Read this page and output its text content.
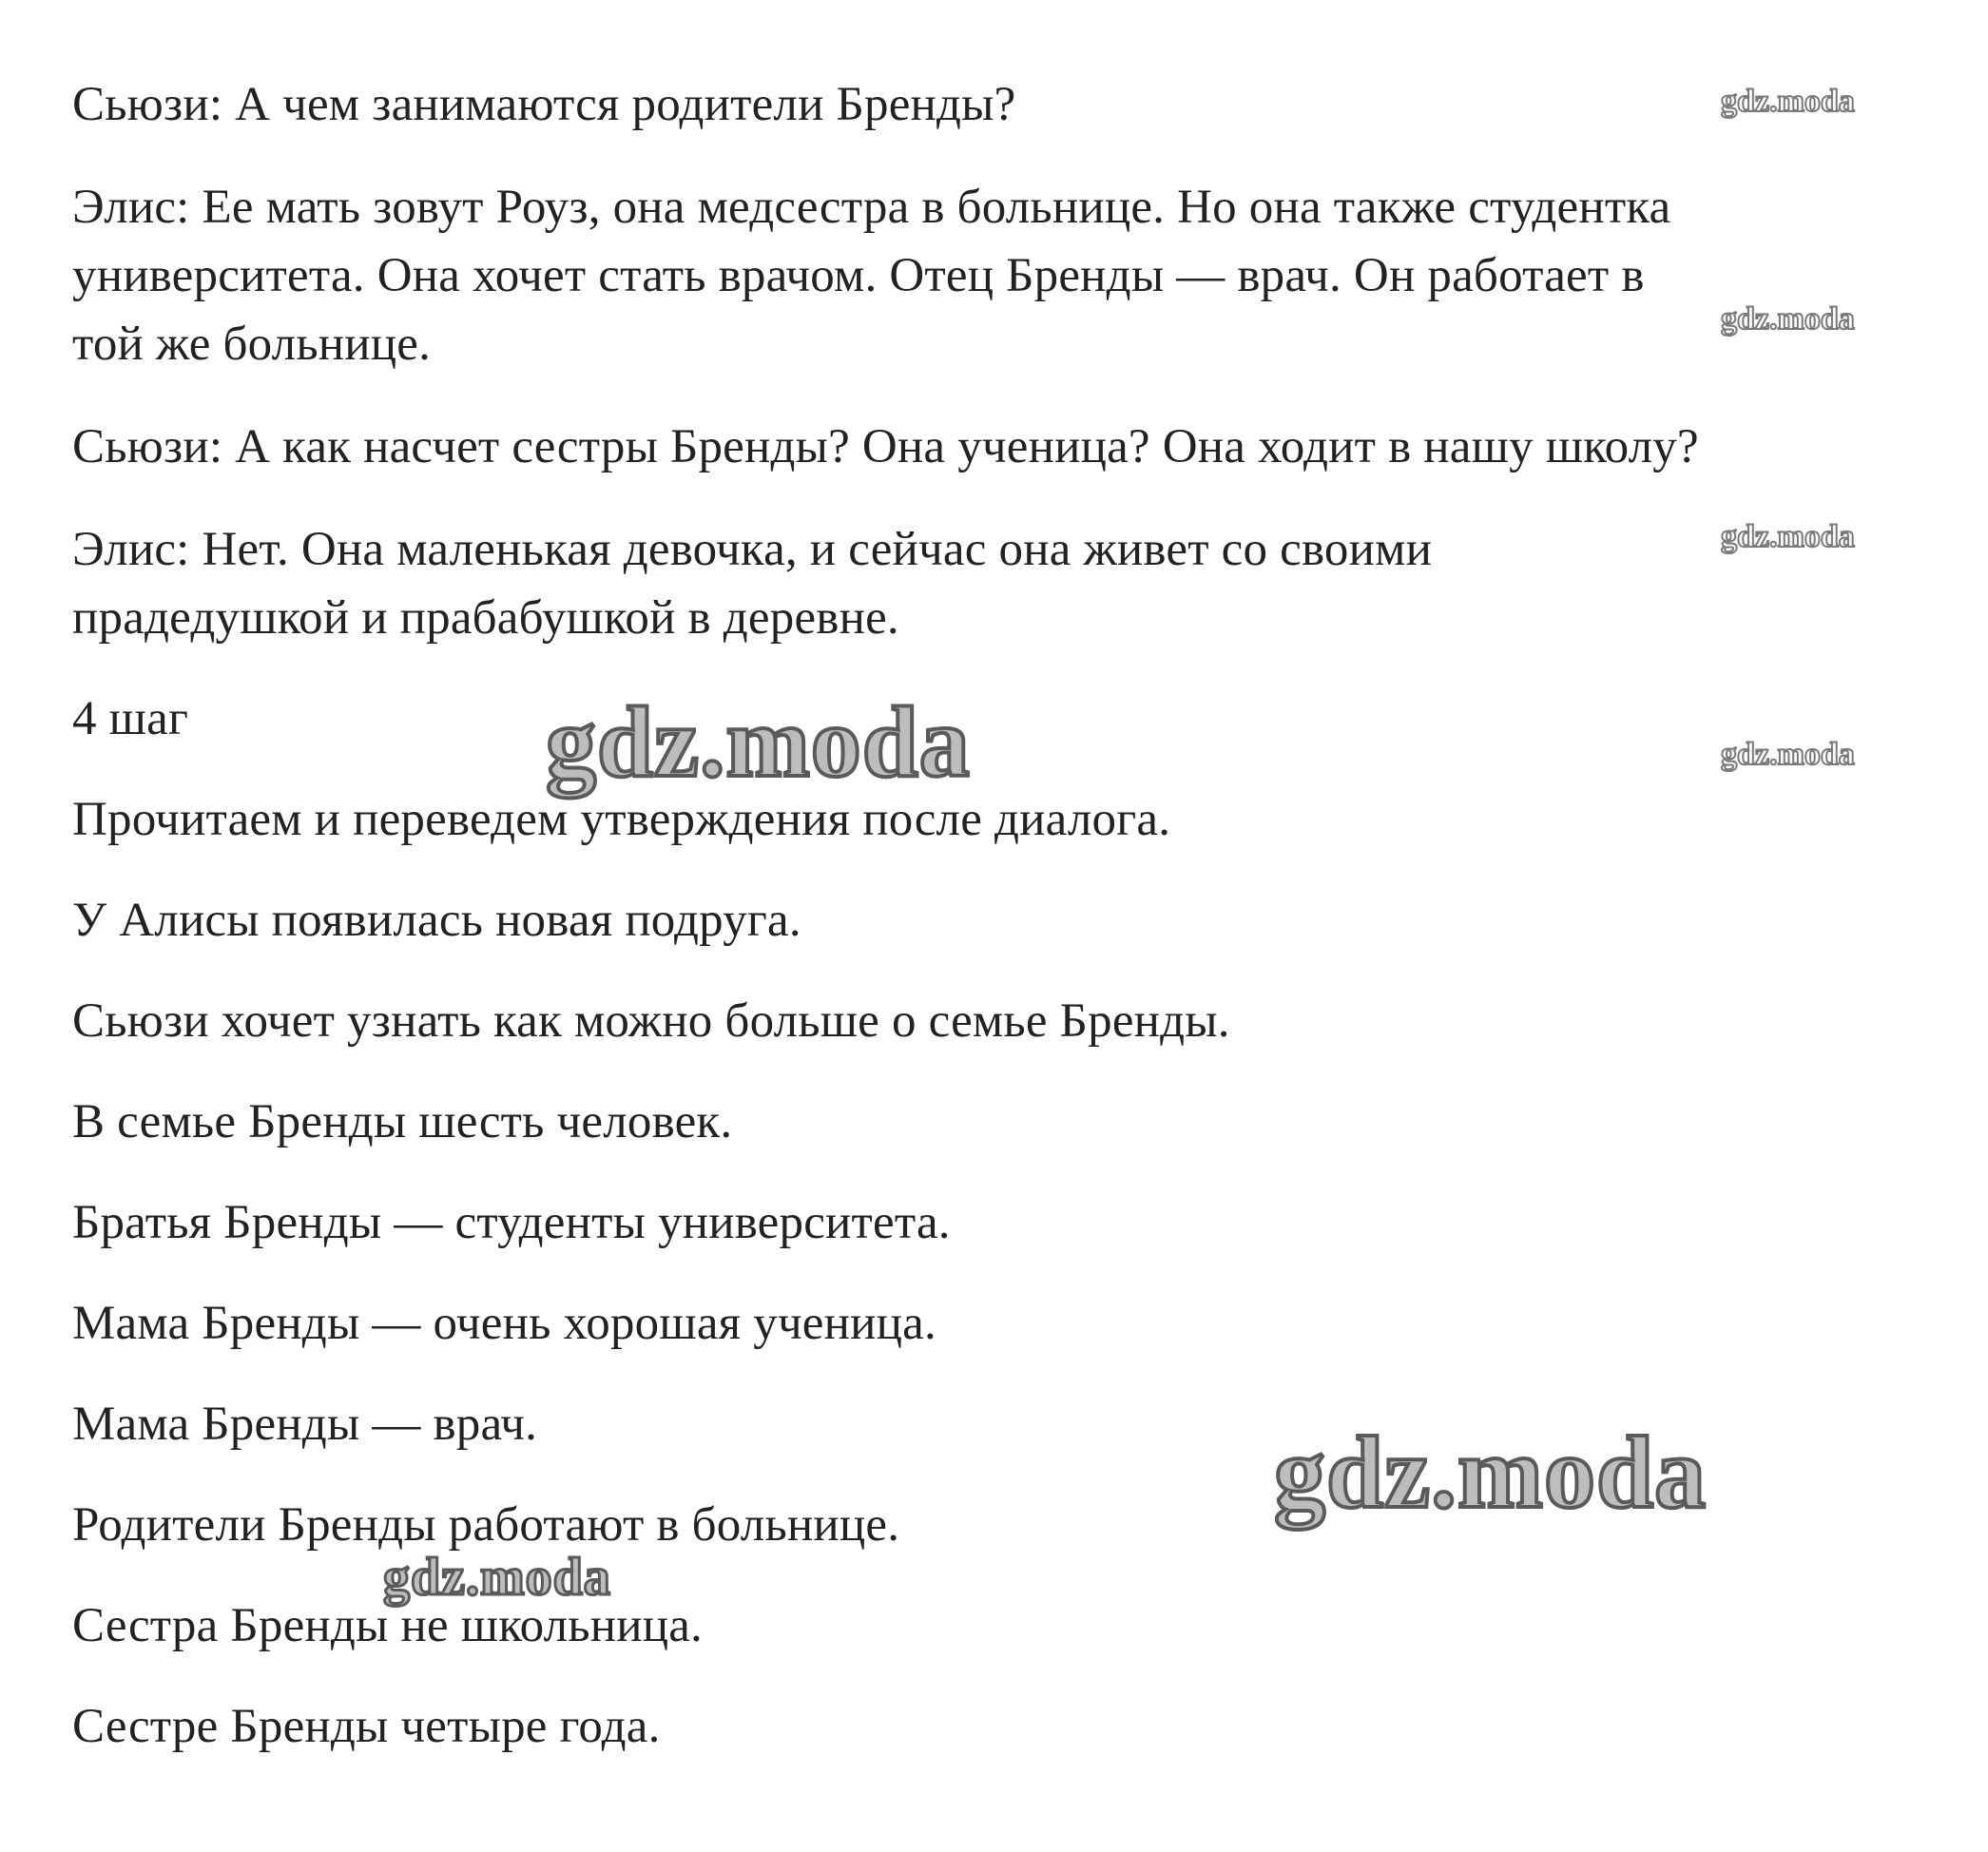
Сьюзи: А чем занимаются родители Бренды?
Элис: Ее мать зовут Роуз, она медсестра в больнице. Но она также студентка
университета. Она хочет стать врачом. Отец Бренды — врач. Он работает в
той же больнице.
Сьюзи: А как насчет сестры Бренды? Она ученица? Она ходит в нашу школу?
Элис: Нет. Она маленькая девочка, и сейчас она живет со своими
прадедушкой и прабабушкой в деревне.
4 шаг
Прочитаем и переведем утверждения после диалога.
У Алисы появилась новая подруга.
Сьюзи хочет узнать как можно больше о семье Бренды.
В семье Бренды шесть человек.
Братья Бренды — студенты университета.
Мама Бренды — очень хорошая ученица.
Мама Бренды — врач.
Родители Бренды работают в больнице.
Сестра Бренды не школьница.
Сестре Бренды четыре года.
gdz.moda
gdz.moda
gdz.moda
gdz.moda
gdz.moda
gdz.moda
gdz.moda
